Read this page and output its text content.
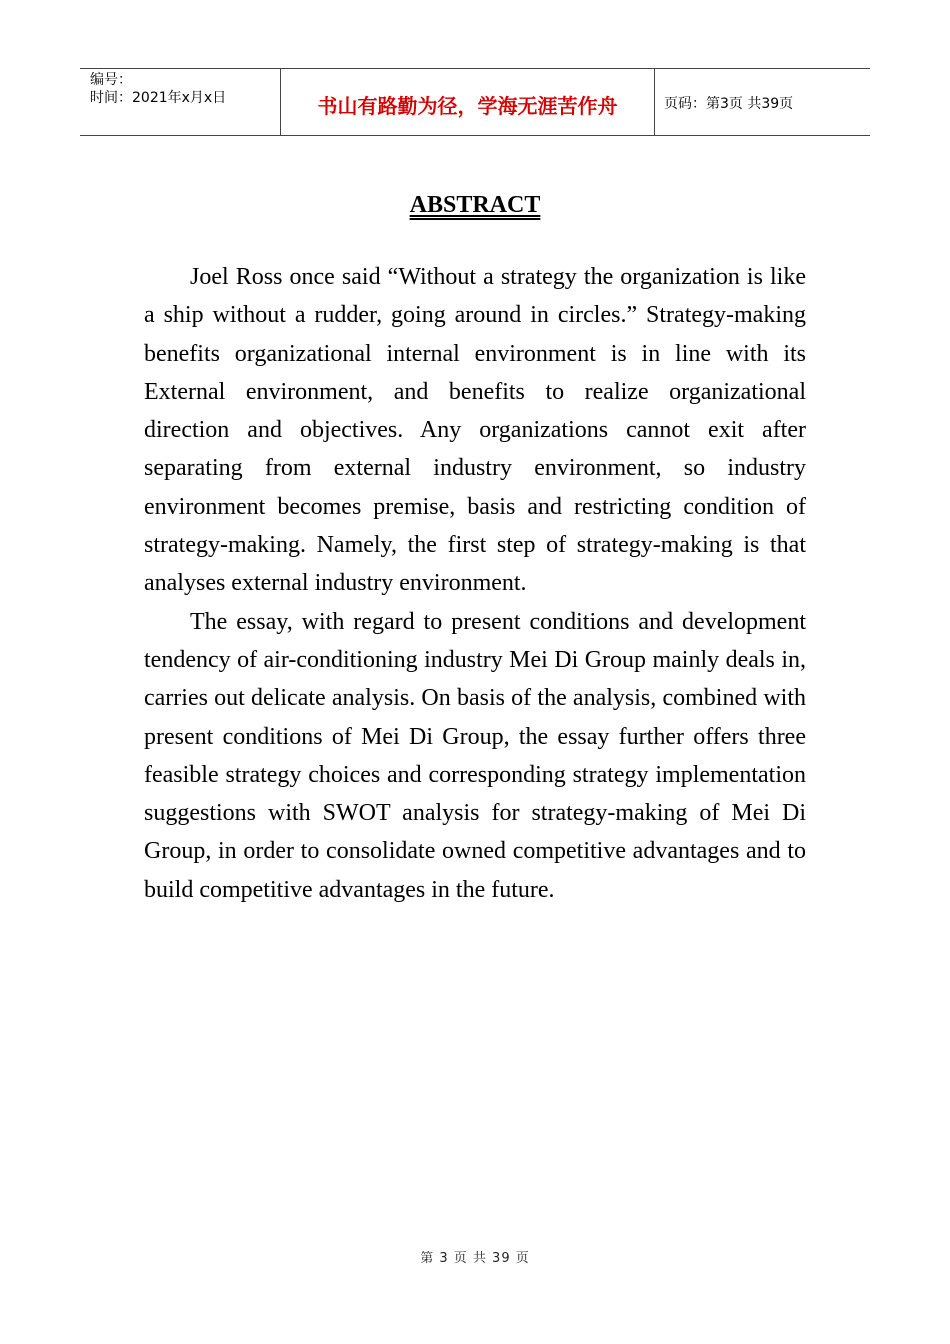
编号：
时间：2021年x月x日	书山有路勤为径，学海无涯苦作舟	页码：第3页 共39页
ABSTRACT

Joel Ross once said “Without a strategy the organization is like a ship without a rudder, going around in circles.” Strategy-making benefits organizational internal environment is in line with its External environment, and benefits to realize organizational direction and objectives. Any organizations cannot exit after separating from external industry environment, so industry environment becomes premise, basis and restricting condition of strategy-making. Namely, the first step of strategy-making is that analyses external industry environment.

The essay, with regard to present conditions and development tendency of air-conditioning industry Mei Di Group mainly deals in, carries out delicate analysis. On basis of the analysis, combined with present conditions of Mei Di Group, the essay further offers three feasible strategy choices and corresponding strategy implementation suggestions with SWOT analysis for strategy-making of Mei Di Group, in order to consolidate owned competitive advantages and to build competitive advantages in the future.

第 3 页 共 39 页
